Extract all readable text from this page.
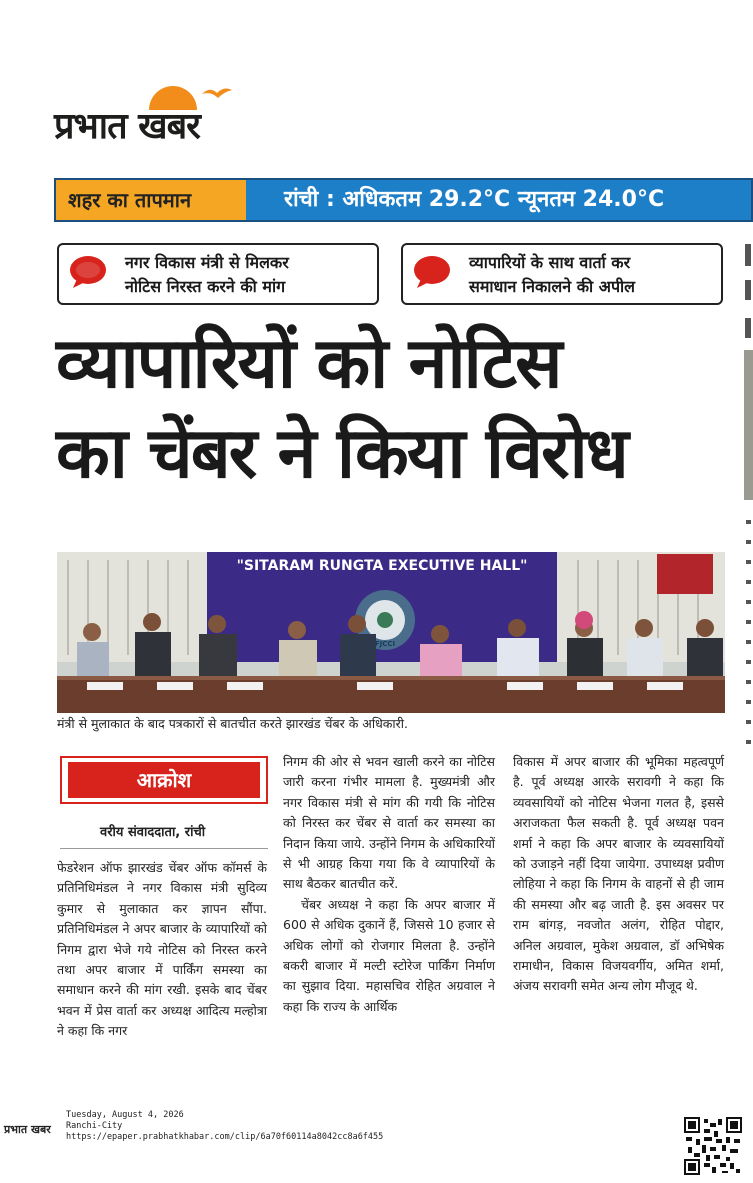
प्रभात खबर
शहर का तापमान	रांची : अधिकतम 29.2°C न्यूनतम 24.0°C
नगर विकास मंत्री से मिलकर
नोटिस निरस्त करने की मांग
व्यापारियों के साथ वार्ता कर
समाधान निकालने की अपील
व्यापारियों को नोटिस
का चेंबर ने किया विरोध
"SITARAM RUNGTA EXECUTIVE HALL"
FJCCI
मंत्री से मुलाकात के बाद पत्रकारों से बातचीत करते झारखंड चेंबर के अधिकारी.
आक्रोश
वरीय संवाददाता, रांची

फेडरेशन ऑफ झारखंड चेंबर ऑफ कॉमर्स के प्रतिनिधिमंडल ने नगर विकास मंत्री सुदिव्य कुमार से मुलाकात कर ज्ञापन सौंपा. प्रतिनिधिमंडल ने अपर बाजार के व्यापारियों को निगम द्वारा भेजे गये नोटिस को निरस्त करने तथा अपर बाजार में पार्किंग समस्या का समाधान करने की मांग रखी. इसके बाद चेंबर भवन में प्रेस वार्ता कर अध्यक्ष आदित्य मल्होत्रा ने कहा कि नगर

निगम की ओर से भवन खाली करने का नोटिस जारी करना गंभीर मामला है. मुख्यमंत्री और नगर विकास मंत्री से मांग की गयी कि नोटिस को निरस्त कर चेंबर से वार्ता कर समस्या का निदान किया जाये. उन्होंने निगम के अधिकारियों से भी आग्रह किया गया कि वे व्यापारियों के साथ बैठकर बातचीत करें.

चेंबर अध्यक्ष ने कहा कि अपर बाजार में 600 से अधिक दुकानें हैं, जिससे 10 हजार से अधिक लोगों को रोजगार मिलता है. उन्होंने बकरी बाजार में मल्टी स्टोरेज पार्किंग निर्माण का सुझाव दिया. महासचिव रोहित अग्रवाल ने कहा कि राज्य के आर्थिक

विकास में अपर बाजार की भूमिका महत्वपूर्ण है. पूर्व अध्यक्ष आरके सरावगी ने कहा कि व्यवसायियों को नोटिस भेजना गलत है, इससे अराजकता फैल सकती है. पूर्व अध्यक्ष पवन शर्मा ने कहा कि अपर बाजार के व्यवसायियों को उजाड़ने नहीं दिया जायेगा. उपाध्यक्ष प्रवीण लोहिया ने कहा कि निगम के वाहनों से ही जाम की समस्या और बढ़ जाती है. इस अवसर पर राम बांगड़, नवजोत अलंग, रोहित पोद्दार, अनिल अग्रवाल, मुकेश अग्रवाल, डॉ अभिषेक रामाधीन, विकास विजयवर्गीय, अमित शर्मा, अंजय सरावगी समेत अन्य लोग मौजूद थे.

प्रभात खबर
Tuesday, August 4, 2026
Ranchi-City
https://epaper.prabhatkhabar.com/clip/6a70f60114a8042cc8a6f455
